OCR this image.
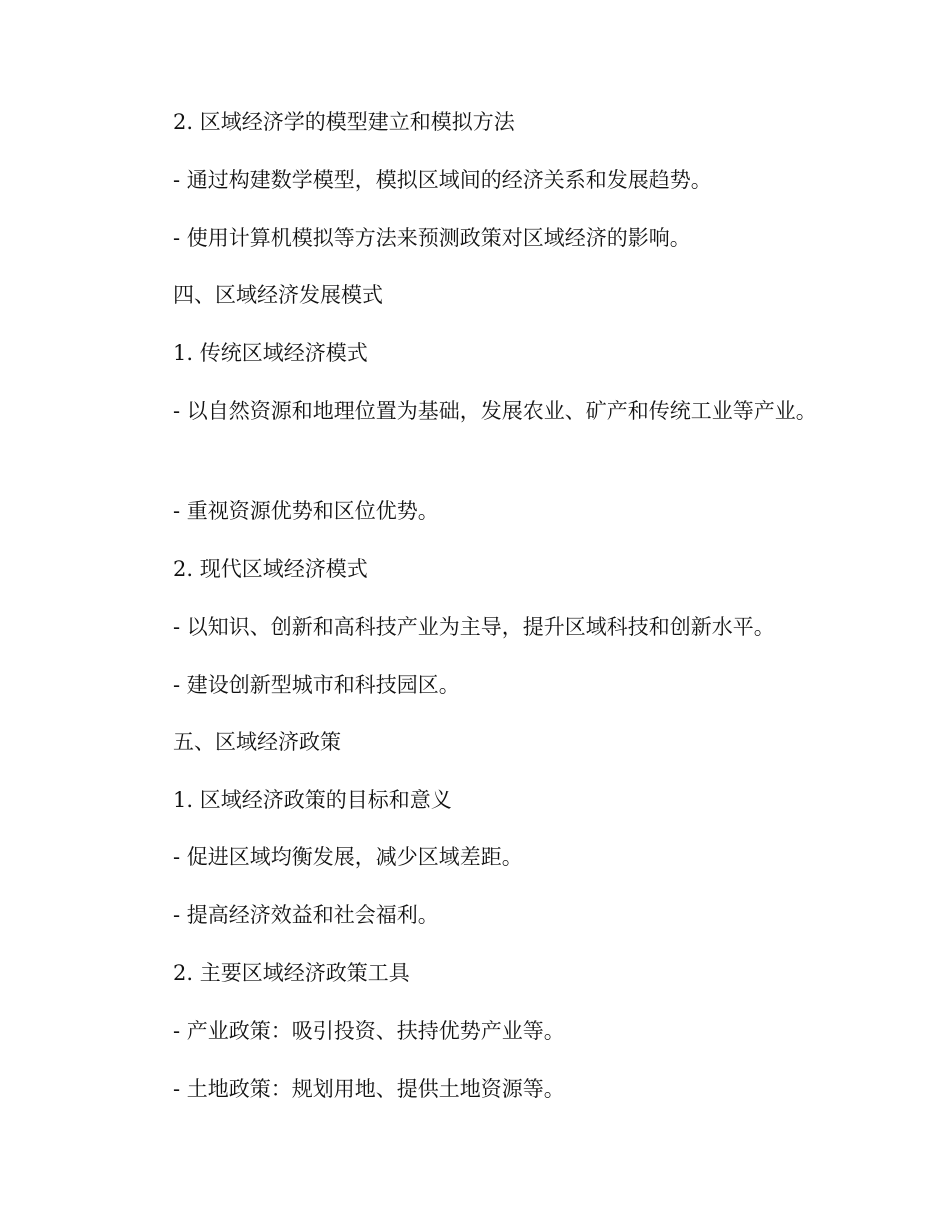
2. 区域经济学的模型建立和模拟方法

- 通过构建数学模型，模拟区域间的经济关系和发展趋势。

- 使用计算机模拟等方法来预测政策对区域经济的影响。

四、区域经济发展模式

1. 传统区域经济模式

- 以自然资源和地理位置为基础，发展农业、矿产和传统工业等产业。

- 重视资源优势和区位优势。

2. 现代区域经济模式

- 以知识、创新和高科技产业为主导，提升区域科技和创新水平。

- 建设创新型城市和科技园区。

五、区域经济政策

1. 区域经济政策的目标和意义

- 促进区域均衡发展，减少区域差距。

- 提高经济效益和社会福利。

2. 主要区域经济政策工具

- 产业政策：吸引投资、扶持优势产业等。

- 土地政策：规划用地、提供土地资源等。
